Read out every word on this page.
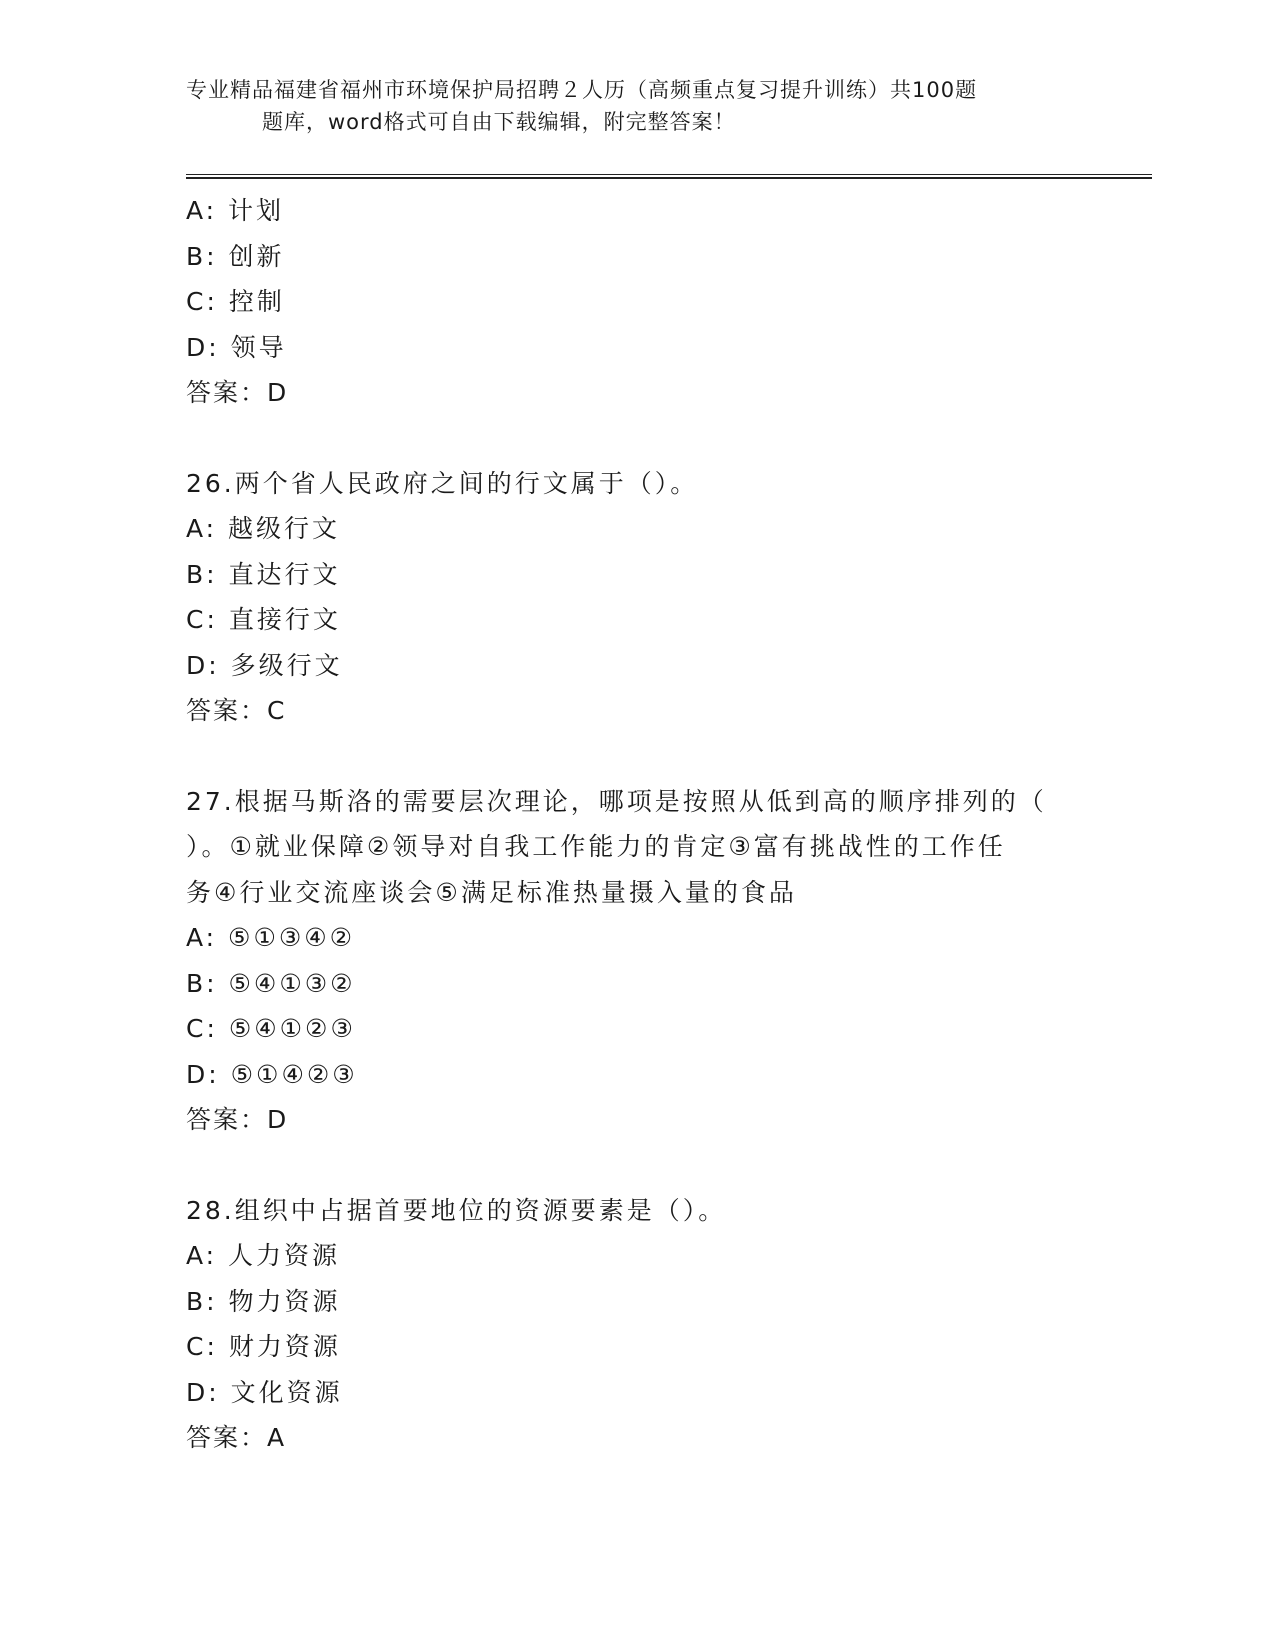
专业精品福建省福州市环境保护局招聘２人历（高频重点复习提升训练）共100题
题库，word格式可自由下载编辑，附完整答案！
A: 计划
B: 创新
C: 控制
D: 领导
答案：D
26.两个省人民政府之间的行文属于（）。
A: 越级行文
B: 直达行文
C: 直接行文
D: 多级行文
答案：C
27.根据马斯洛的需要层次理论，哪项是按照从低到高的顺序排列的（
）。①就业保障②领导对自我工作能力的肯定③富有挑战性的工作任
务④行业交流座谈会⑤满足标准热量摄入量的食品
A: ⑤①③④②
B: ⑤④①③②
C: ⑤④①②③
D: ⑤①④②③
答案：D
28.组织中占据首要地位的资源要素是（）。
A: 人力资源
B: 物力资源
C: 财力资源
D: 文化资源
答案：A
